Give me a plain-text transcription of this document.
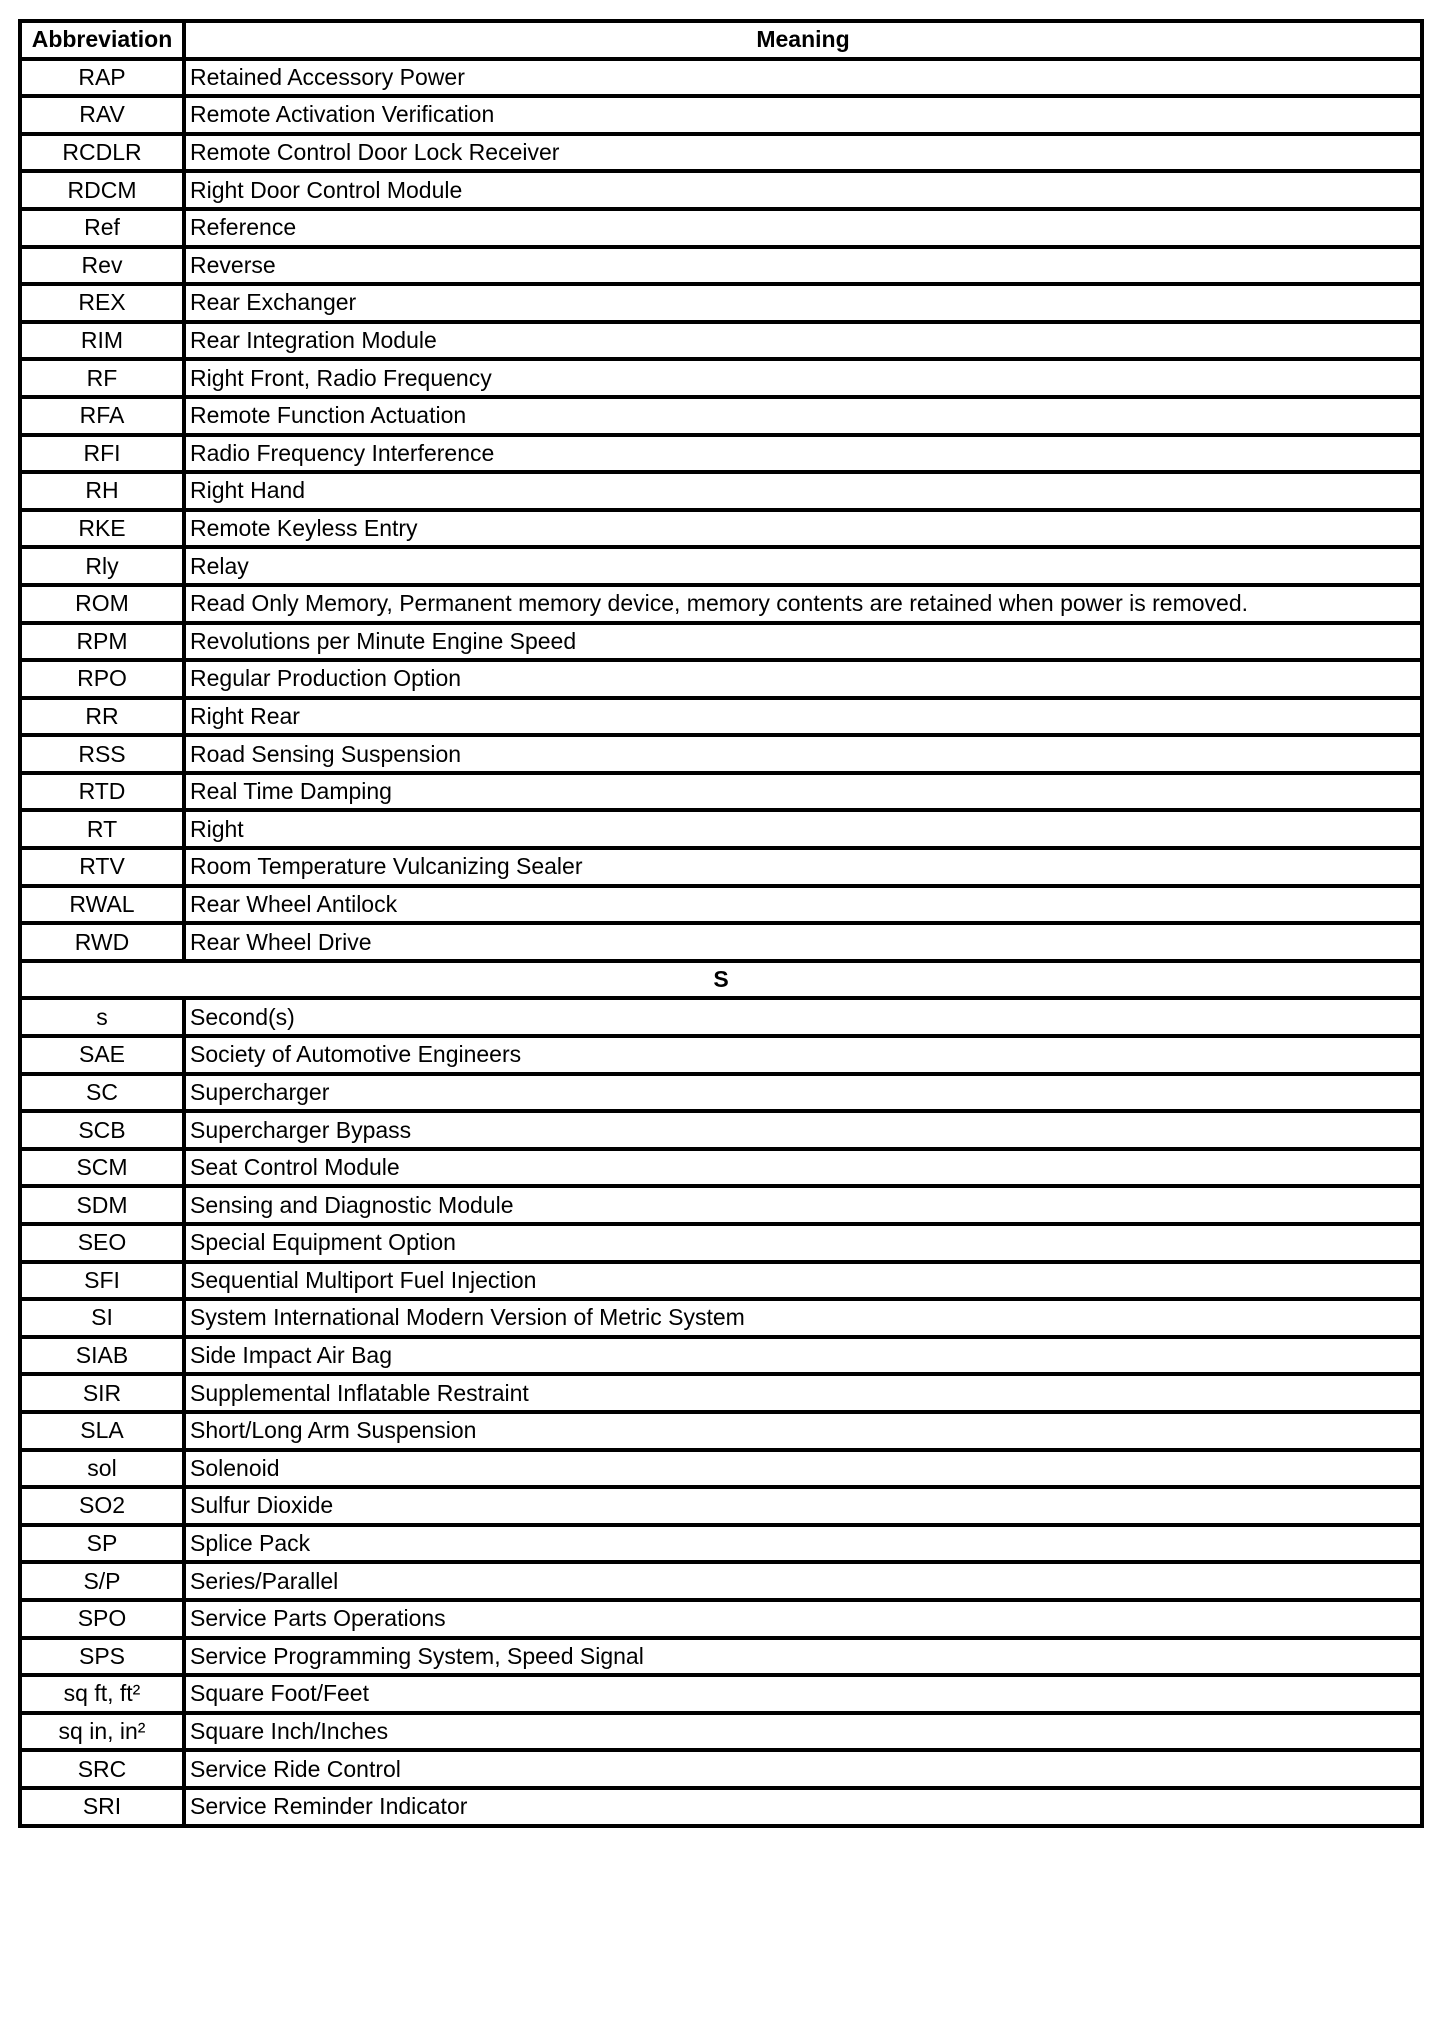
Abbreviation	Meaning
RAP	Retained Accessory Power
RAV	Remote Activation Verification
RCDLR	Remote Control Door Lock Receiver
RDCM	Right Door Control Module
Ref	Reference
Rev	Reverse
REX	Rear Exchanger
RIM	Rear Integration Module
RF	Right Front, Radio Frequency
RFA	Remote Function Actuation
RFI	Radio Frequency Interference
RH	Right Hand
RKE	Remote Keyless Entry
Rly	Relay
ROM	Read Only Memory, Permanent memory device, memory contents are retained when power is removed.
RPM	Revolutions per Minute Engine Speed
RPO	Regular Production Option
RR	Right Rear
RSS	Road Sensing Suspension
RTD	Real Time Damping
RT	Right
RTV	Room Temperature Vulcanizing Sealer
RWAL	Rear Wheel Antilock
RWD	Rear Wheel Drive
S	
s	Second(s)
SAE	Society of Automotive Engineers
SC	Supercharger
SCB	Supercharger Bypass
SCM	Seat Control Module
SDM	Sensing and Diagnostic Module
SEO	Special Equipment Option
SFI	Sequential Multiport Fuel Injection
SI	System International Modern Version of Metric System
SIAB	Side Impact Air Bag
SIR	Supplemental Inflatable Restraint
SLA	Short/Long Arm Suspension
sol	Solenoid
SO2	Sulfur Dioxide
SP	Splice Pack
S/P	Series/Parallel
SPO	Service Parts Operations
SPS	Service Programming System, Speed Signal
sq ft, ft²	Square Foot/Feet
sq in, in²	Square Inch/Inches
SRC	Service Ride Control
SRI	Service Reminder Indicator
